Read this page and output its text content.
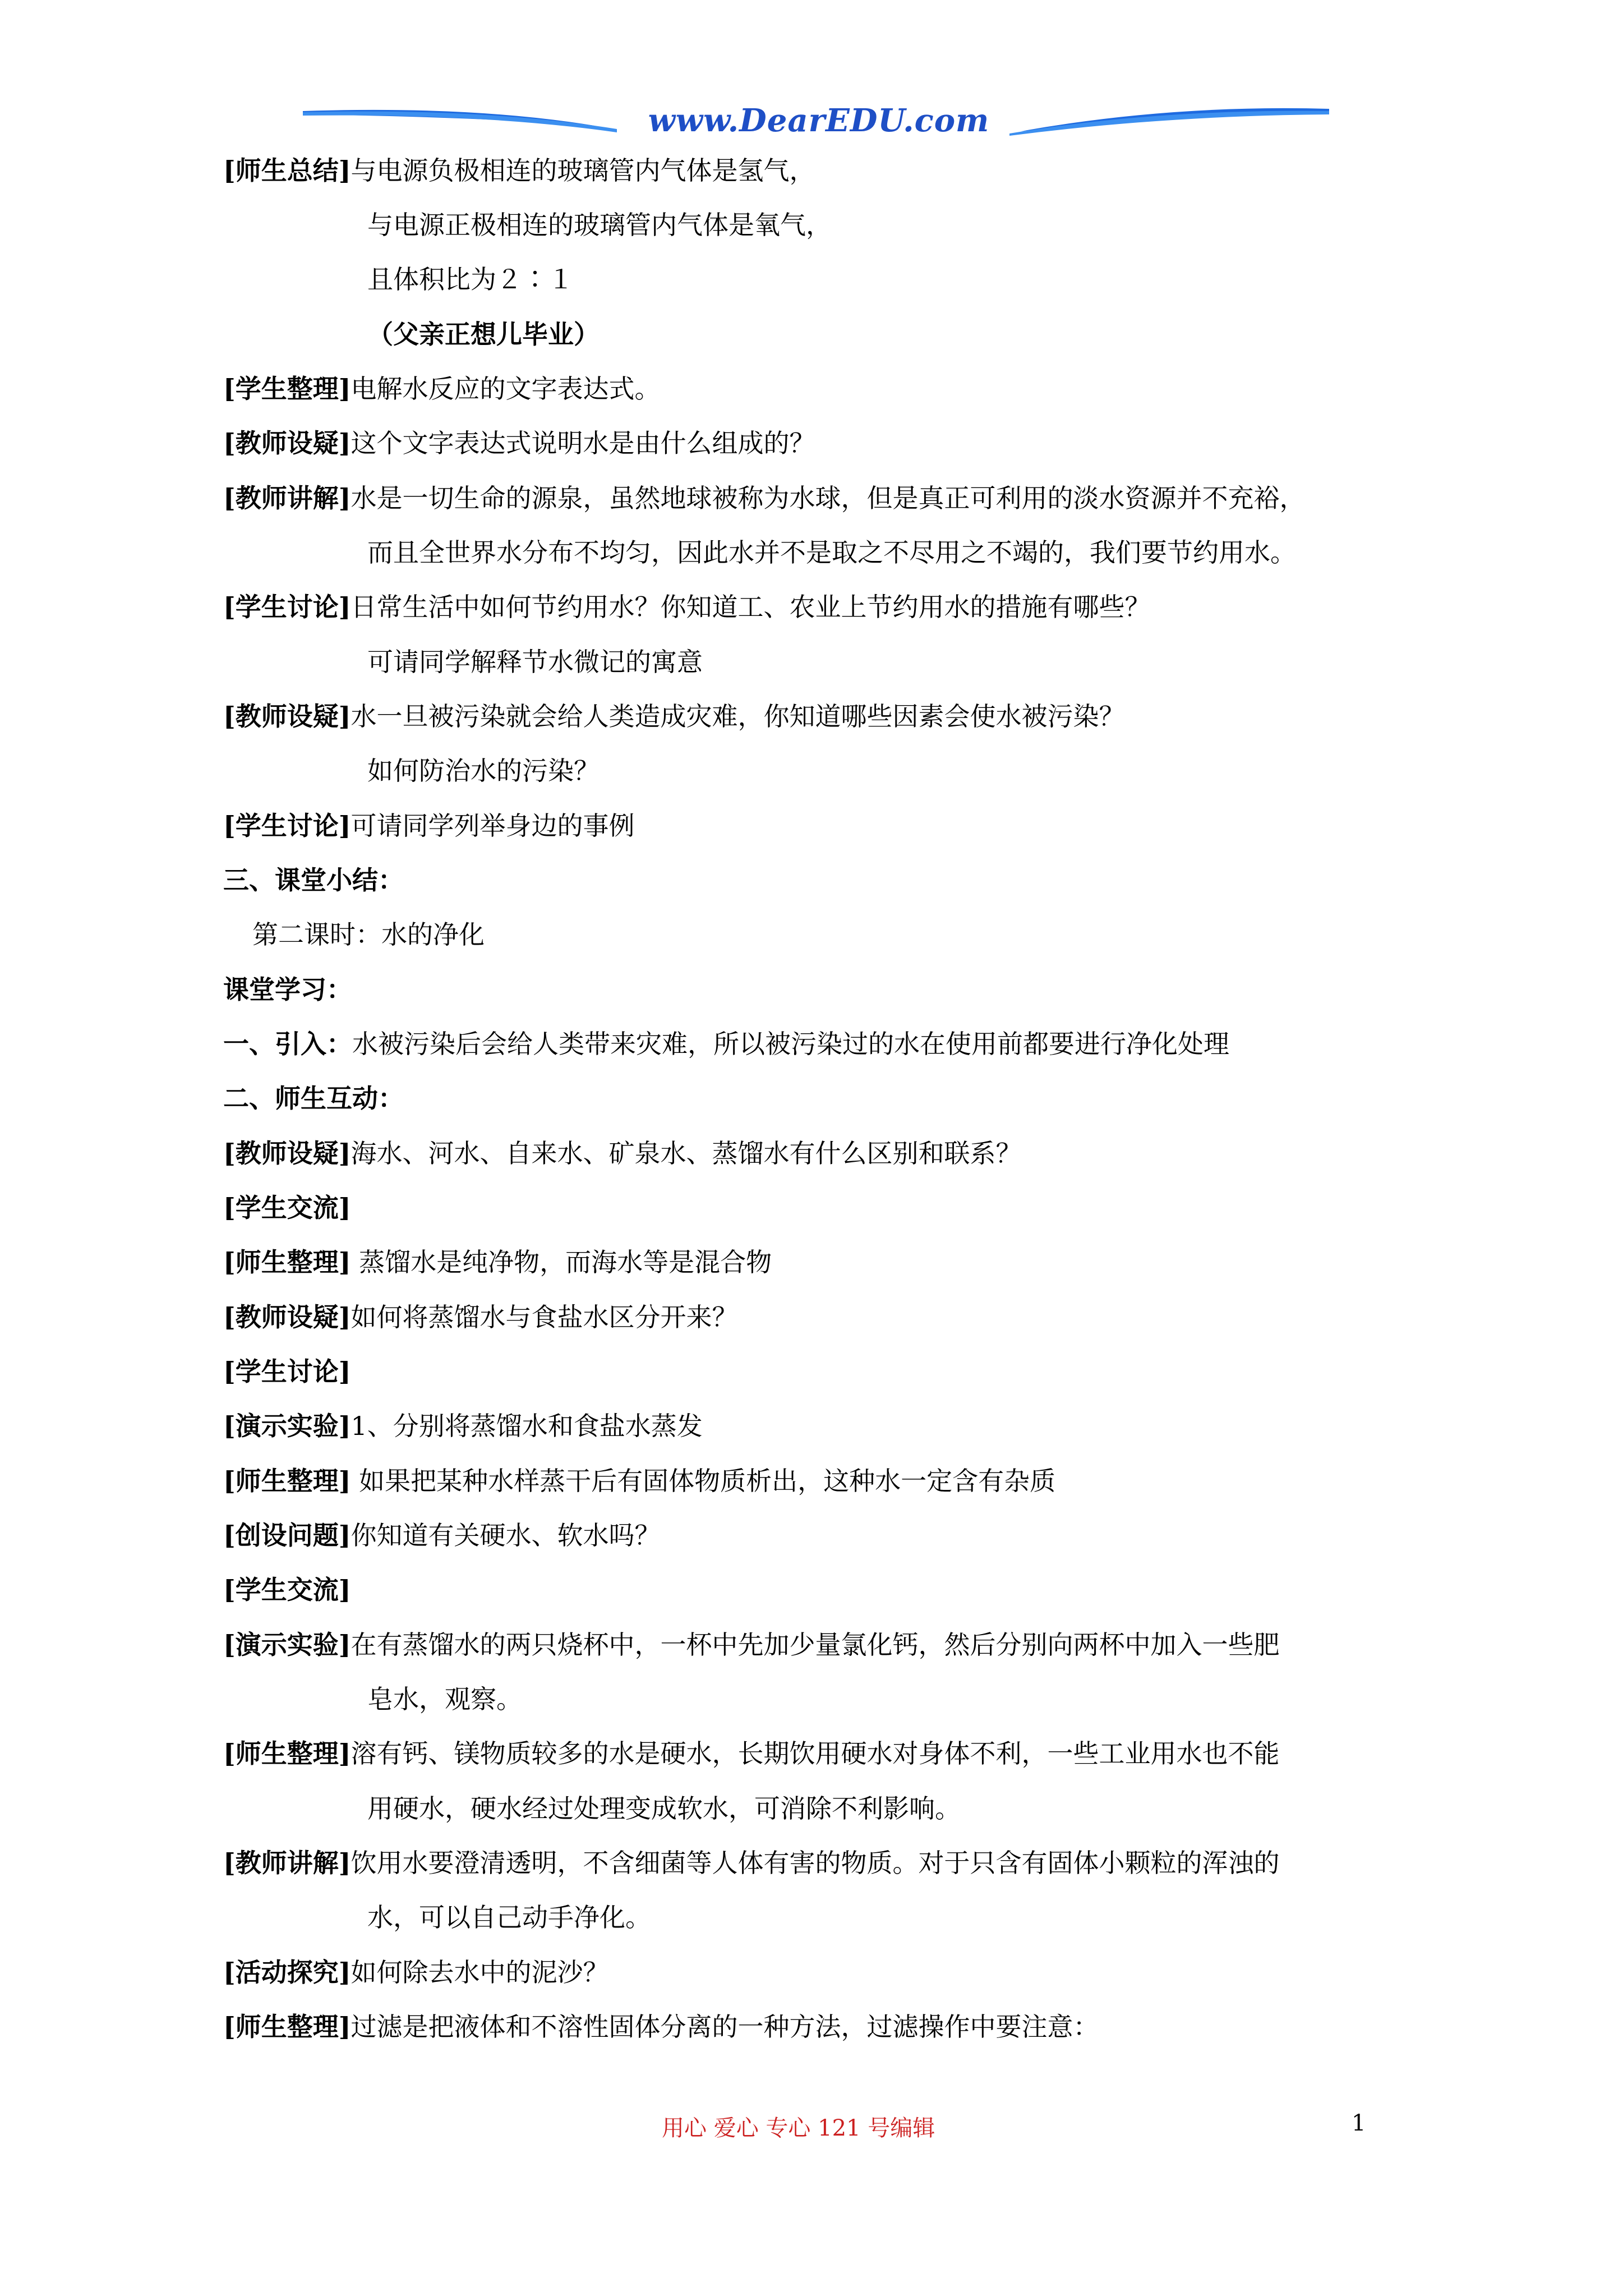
www.DearEDU.com
[师生总结]与电源负极相连的玻璃管内气体是氢气，
与电源正极相连的玻璃管内气体是氧气，
且体积比为２∶１
（父亲正想儿毕业）
[学生整理]电解水反应的文字表达式。
[教师设疑]这个文字表达式说明水是由什么组成的？
[教师讲解]水是一切生命的源泉，虽然地球被称为水球，但是真正可利用的淡水资源并不充裕，
而且全世界水分布不均匀，因此水并不是取之不尽用之不竭的，我们要节约用水。
[学生讨论]日常生活中如何节约用水？你知道工、农业上节约用水的措施有哪些？
可请同学解释节水微记的寓意
[教师设疑]水一旦被污染就会给人类造成灾难，你知道哪些因素会使水被污染？
如何防治水的污染？
[学生讨论]可请同学列举身边的事例
三、课堂小结：
第二课时：水的净化
课堂学习：
一、引入：水被污染后会给人类带来灾难，所以被污染过的水在使用前都要进行净化处理
二、师生互动：
[教师设疑]海水、河水、自来水、矿泉水、蒸馏水有什么区别和联系？
[学生交流]
[师生整理] 蒸馏水是纯净物，而海水等是混合物
[教师设疑]如何将蒸馏水与食盐水区分开来？
[学生讨论]
[演示实验]1、分别将蒸馏水和食盐水蒸发
[师生整理] 如果把某种水样蒸干后有固体物质析出，这种水一定含有杂质
[创设问题]你知道有关硬水、软水吗？
[学生交流]
[演示实验]在有蒸馏水的两只烧杯中，一杯中先加少量氯化钙，然后分别向两杯中加入一些肥
皂水，观察。
[师生整理]溶有钙、镁物质较多的水是硬水，长期饮用硬水对身体不利，一些工业用水也不能
用硬水，硬水经过处理变成软水，可消除不利影响。
[教师讲解]饮用水要澄清透明，不含细菌等人体有害的物质。对于只含有固体小颗粒的浑浊的
水，可以自己动手净化。
[活动探究]如何除去水中的泥沙？
[师生整理]过滤是把液体和不溶性固体分离的一种方法，过滤操作中要注意：
用心 爱心 专心 121 号编辑	1
